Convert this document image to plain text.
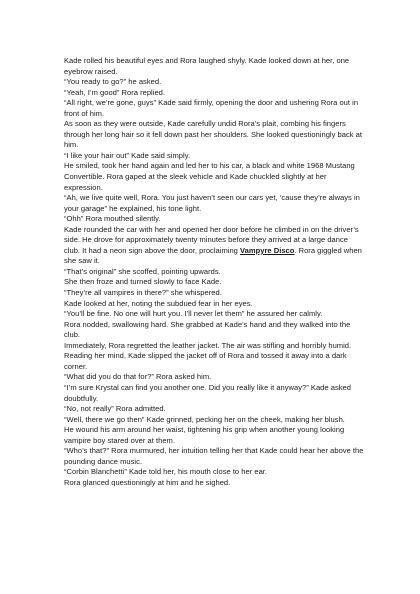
Kade rolled his beautiful eyes and Rora laughed shyly. Kade looked down at her, one eyebrow raised.

“You ready to go?” he asked.

“Yeah, I’m good” Rora replied.

“All right, we’re gone, guys” Kade said firmly, opening the door and ushering Rora out in front of him.

As soon as they were outside, Kade carefully undid Rora’s plait, combing his fingers through her long hair so it fell down past her shoulders. She looked questioningly back at him.

“I like your hair out” Kade said simply.

He smiled, took her hand again and led her to his car, a black and white 1968 Mustang Convertible. Rora gaped at the sleek vehicle and Kade chuckled slightly at her expression.

“Ah, we live quite well, Rora. You just haven’t seen our cars yet, ‘cause they’re always in your garage” he explained, his tone light.

“Ohh” Rora mouthed silently.

Kade rounded the car with her and opened her door before he climbed in on the driver’s side. He drove for approximately twenty minutes before they arrived at a large dance club. It had a neon sign above the door, proclaiming Vampyre Disco. Rora giggled when she saw it.

“That’s original” she scoffed, pointing upwards.

She then froze and turned slowly to face Kade.

“They’re all vampires in there?” she whispered.

Kade looked at her, noting the subdued fear in her eyes.

“You’ll be fine. No one will hurt you. I’ll never let them” he assured her calmly.

Rora nodded, swallowing hard. She grabbed at Kade’s hand and they walked into the club.

Immediately, Rora regretted the leather jacket. The air was stifling and horribly humid. Reading her mind, Kade slipped the jacket off of Rora and tossed it away into a dark corner.

“What did you do that for?” Rora asked him.

“I’m sure Krystal can find you another one. Did you really like it anyway?” Kade asked doubtfully.

“No, not really” Rora admitted.

“Well, there we go then” Kade grinned, pecking her on the cheek, making her blush.

He wound his arm around her waist, tightening his grip when another young looking vampire boy stared over at them.

“Who’s that?” Rora murmured, her intuition telling her that Kade could hear her above the pounding dance music.

“Corbin Blanchetti” Kade told her, his mouth close to her ear.

Rora glanced questioningly at him and he sighed.
